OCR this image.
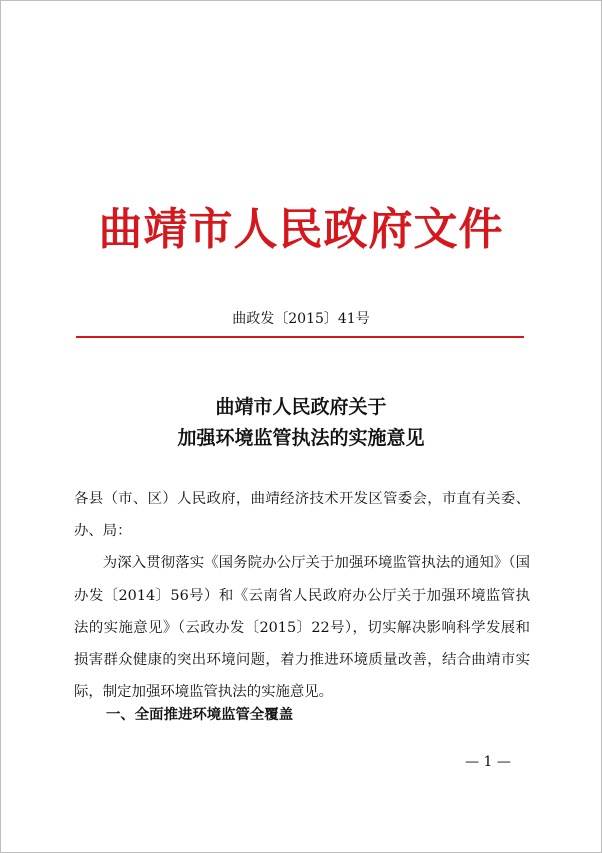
曲靖市人民政府文件
曲政发〔2015〕41号
曲靖市人民政府关于
加强环境监管执法的实施意见

各县（市、区）人民政府，曲靖经济技术开发区管委会，市直有关委、办、局：

为深入贯彻落实《国务院办公厅关于加强环境监管执法的通知》（国办发〔2014〕56号）和《云南省人民政府办公厅关于加强环境监管执法的实施意见》（云政办发〔2015〕22号），切实解决影响科学发展和损害群众健康的突出环境问题，着力推进环境质量改善，结合曲靖市实际，制定加强环境监管执法的实施意见。

一、全面推进环境监管全覆盖
— 1 —
